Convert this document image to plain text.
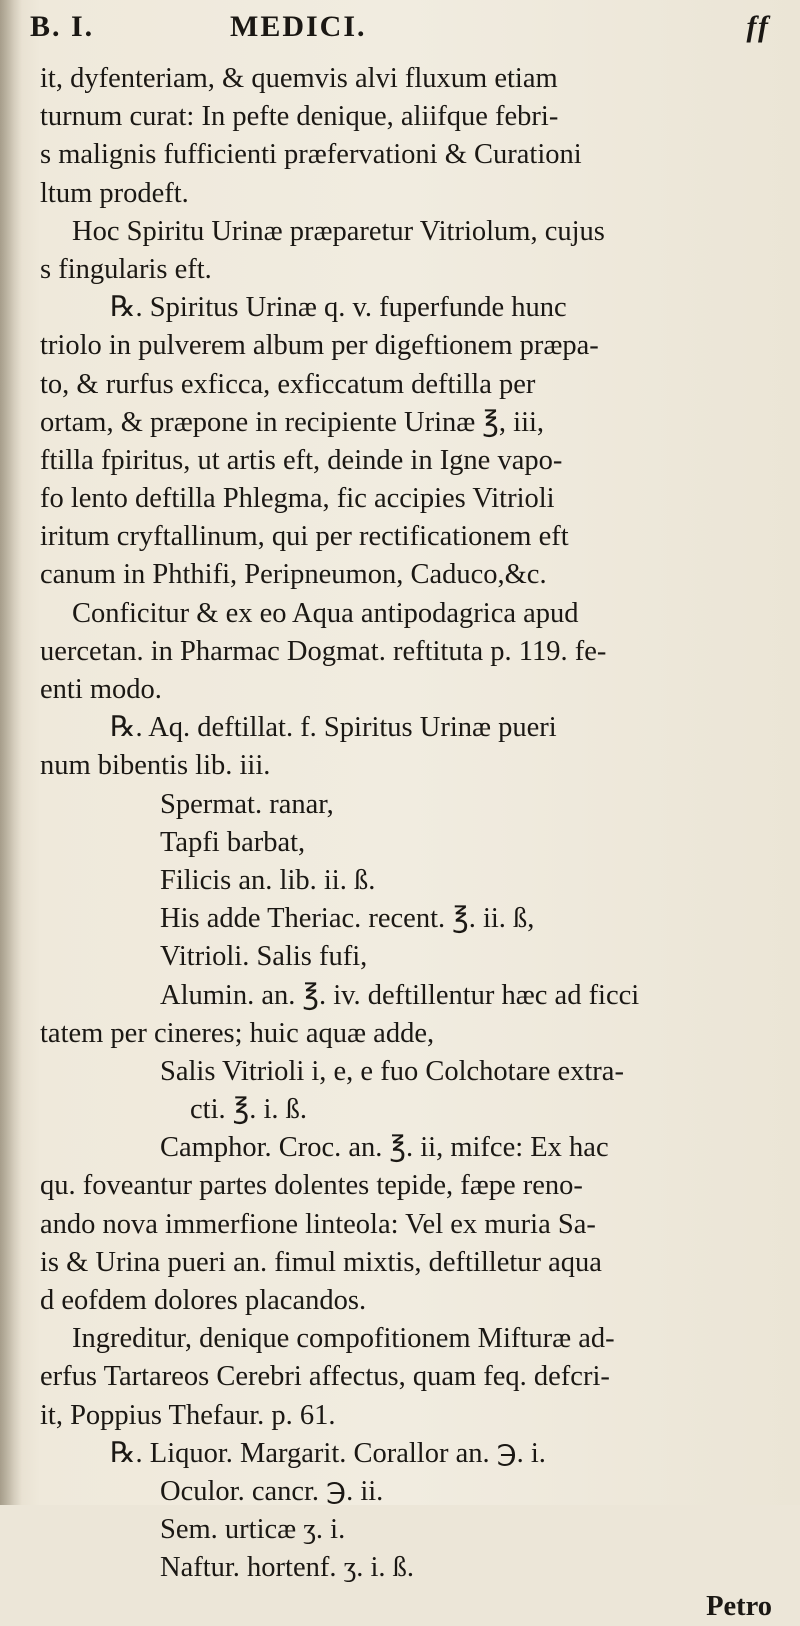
B. I.	MEDICI.	ff
it, dyfenteriam, & quemvis alvi fluxum etiam
turnum curat: In pefte denique, aliifque febri-
s malignis fufficienti præfervationi & Curationi
ltum prodeft.
Hoc Spiritu Urinæ præparetur Vitriolum, cujus
s fingularis eft.
℞. Spiritus Urinæ q. v. fuperfunde hunc
triolo in pulverem album per digeftionem præpa-
to, & rurfus exficca, exficcatum deftilla per
ortam, & præpone in recipiente Urinæ ℥, iii,
ftilla fpiritus, ut artis eft, deinde in Igne vapo-
fo lento deftilla Phlegma, fic accipies Vitrioli
iritum cryftallinum, qui per rectificationem eft
canum in Phthifi, Peripneumon, Caduco,&c.
Conficitur & ex eo Aqua antipodagrica apud
uercetan. in Pharmac Dogmat. reftituta p. 119. fe-
enti modo.
℞. Aq. deftillat. f. Spiritus Urinæ pueri
num bibentis lib. iii.
Spermat. ranar,
Tapfi barbat,
Filicis an. lib. ii. ß.
His adde Theriac. recent. ℥. ii. ß,
Vitrioli. Salis fufi,
Alumin. an. ℥. iv. deftillentur hæc ad ficci
tatem per cineres; huic aquæ adde,
Salis Vitrioli i, e, e fuo Colchotare extra-
cti. ℥. i. ß.
Camphor. Croc. an. ℥. ii, mifce: Ex hac
qu. foveantur partes dolentes tepide, fæpe reno-
ando nova immerfione linteola: Vel ex muria Sa-
is & Urina pueri an. fimul mixtis, deftilletur aqua
d eofdem dolores placandos.
Ingreditur, denique compofitionem Mifturæ ad-
erfus Tartareos Cerebri affectus, quam feq. defcri-
it, Poppius Thefaur. p. 61.
℞. Liquor. Margarit. Corallor an. ℈. i.
Oculor. cancr. ℈. ii.
Sem. urticæ ʒ. i.
Naftur. hortenf. ʒ. i. ß.
Petro
